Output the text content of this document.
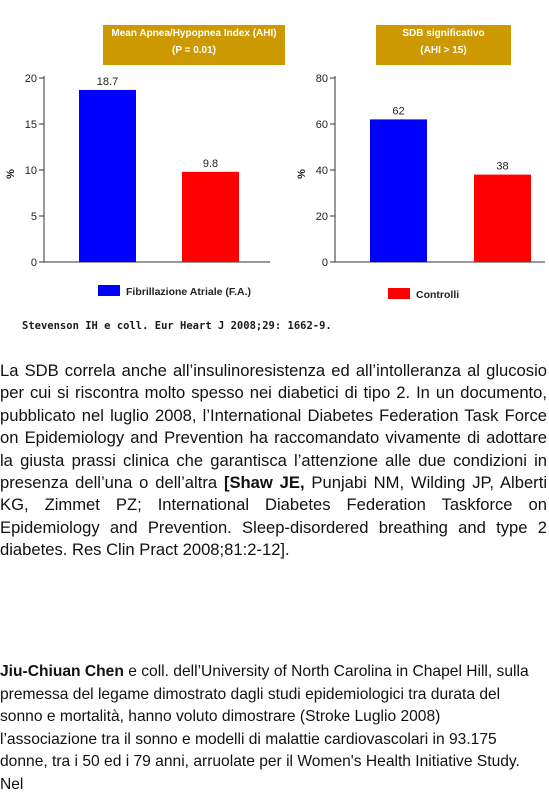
Mean Apnea/Hypopnea Index (AHI)
(P = 0.01)
SDB significativo
(AHI > 15)
0
5
10
15
20
%
18.7
9.8
0
20
40
60
80
%
62
38
Fibrillazione Atriale (F.A.)	Controlli
Stevenson IH e coll. Eur Heart J 2008;29: 1662-9.

La SDB correla anche all’insulinoresistenza ed all’intolleranza al glucosio per cui si riscontra molto spesso nei diabetici di tipo 2. In un documento, pubblicato nel luglio 2008, l’International Diabetes Federation Task Force on Epidemiology and Prevention ha raccomandato vivamente di adottare la giusta prassi clinica che garantisca l’attenzione alle due condizioni in presenza dell’una o dell’altra [Shaw JE, Punjabi NM, Wilding JP, Alberti KG, Zimmet PZ; International Diabetes Federation Taskforce on Epidemiology and Prevention. Sleep-disordered breathing and type 2 diabetes. Res Clin Pract 2008;81:2-12].

Jiu-Chiuan Chen e coll. dell’University of North Carolina in Chapel Hill, sulla premessa del legame dimostrato dagli studi epidemiologici tra durata del sonno e mortalità, hanno voluto dimostrare (Stroke Luglio 2008) l’associazione tra il sonno e modelli di malattie cardiovascolari in 93.175 donne, tra i 50 ed i 79 anni, arruolate per il Women's Health Initiative Study. Nel
